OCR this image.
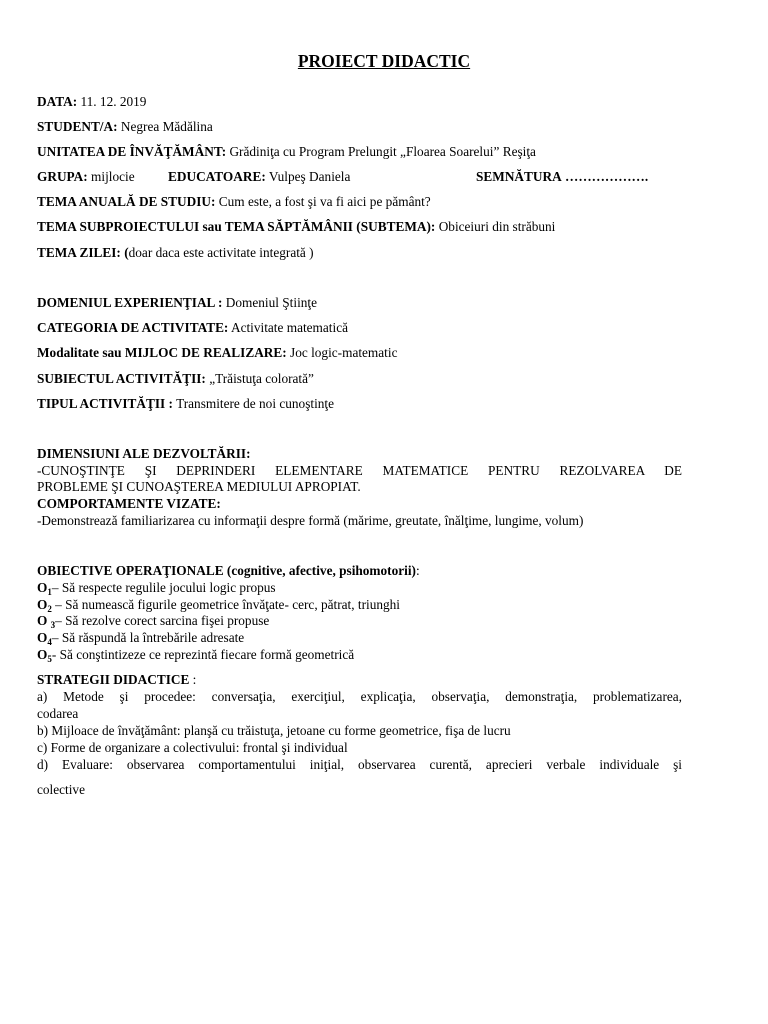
PROIECT DIDACTIC
DATA: 11. 12. 2019
STUDENT/A: Negrea Mădălina
UNITATEA DE ÎNVĂŢĂMÂNT: Grădiniţa cu Program Prelungit „Floarea Soarelui” Reşiţa
GRUPA: mijlocie	EDUCATOARE: Vulpeş Daniela	SEMNĂTURA ……………….
TEMA ANUALĂ DE STUDIU: Cum este, a fost şi va fi aici pe pământ?
TEMA SUBPROIECTULUI sau TEMA SĂPTĂMÂNII (SUBTEMA): Obiceiuri din străbuni
TEMA ZILEI: (doar daca este activitate integrată )
DOMENIUL EXPERIENŢIAL : Domeniul Ştiinţe
CATEGORIA DE ACTIVITATE: Activitate matematică
Modalitate sau MIJLOC DE REALIZARE: Joc logic-matematic
SUBIECTUL ACTIVITĂŢII: „Trăistuţa colorată”
TIPUL ACTIVITĂŢII : Transmitere de noi cunoştinţe
DIMENSIUNI ALE DEZVOLTĂRII:
-CUNOŞTINŢE ŞI DEPRINDERI ELEMENTARE MATEMATICE PENTRU REZOLVAREA DE
PROBLEME ŞI CUNOAŞTEREA MEDIULUI APROPIAT.
COMPORTAMENTE VIZATE:
-Demonstrează familiarizarea cu informaţii despre formă (mărime, greutate, înălţime, lungime, volum)
OBIECTIVE OPERAŢIONALE (cognitive, afective, psihomotorii):
$O_1-$ Să respecte regulile jocului logic propus
$O_2$ – Să numească figurile geometrice învăţate- cerc, pătrat, triunghi
O $_3$– Să rezolve corect sarcina fişei propuse
$O_4-$ Să răspundă la întrebările adresate
$O_5-$ Să conştintizeze ce reprezintă fiecare formă geometrică
STRATEGII DIDACTICE :
a) Metode şi procedee: conversaţia, exerciţiul, explicaţia, observaţia, demonstraţia, problematizarea,
codarea
b) Mijloace de învăţământ: planşă cu trăistuţa, jetoane cu forme geometrice, fişa de lucru
c) Forme de organizare a colectivului: frontal şi individual
d) Evaluare: observarea comportamentului iniţial, observarea curentă, aprecieri verbale individuale şi
colective
